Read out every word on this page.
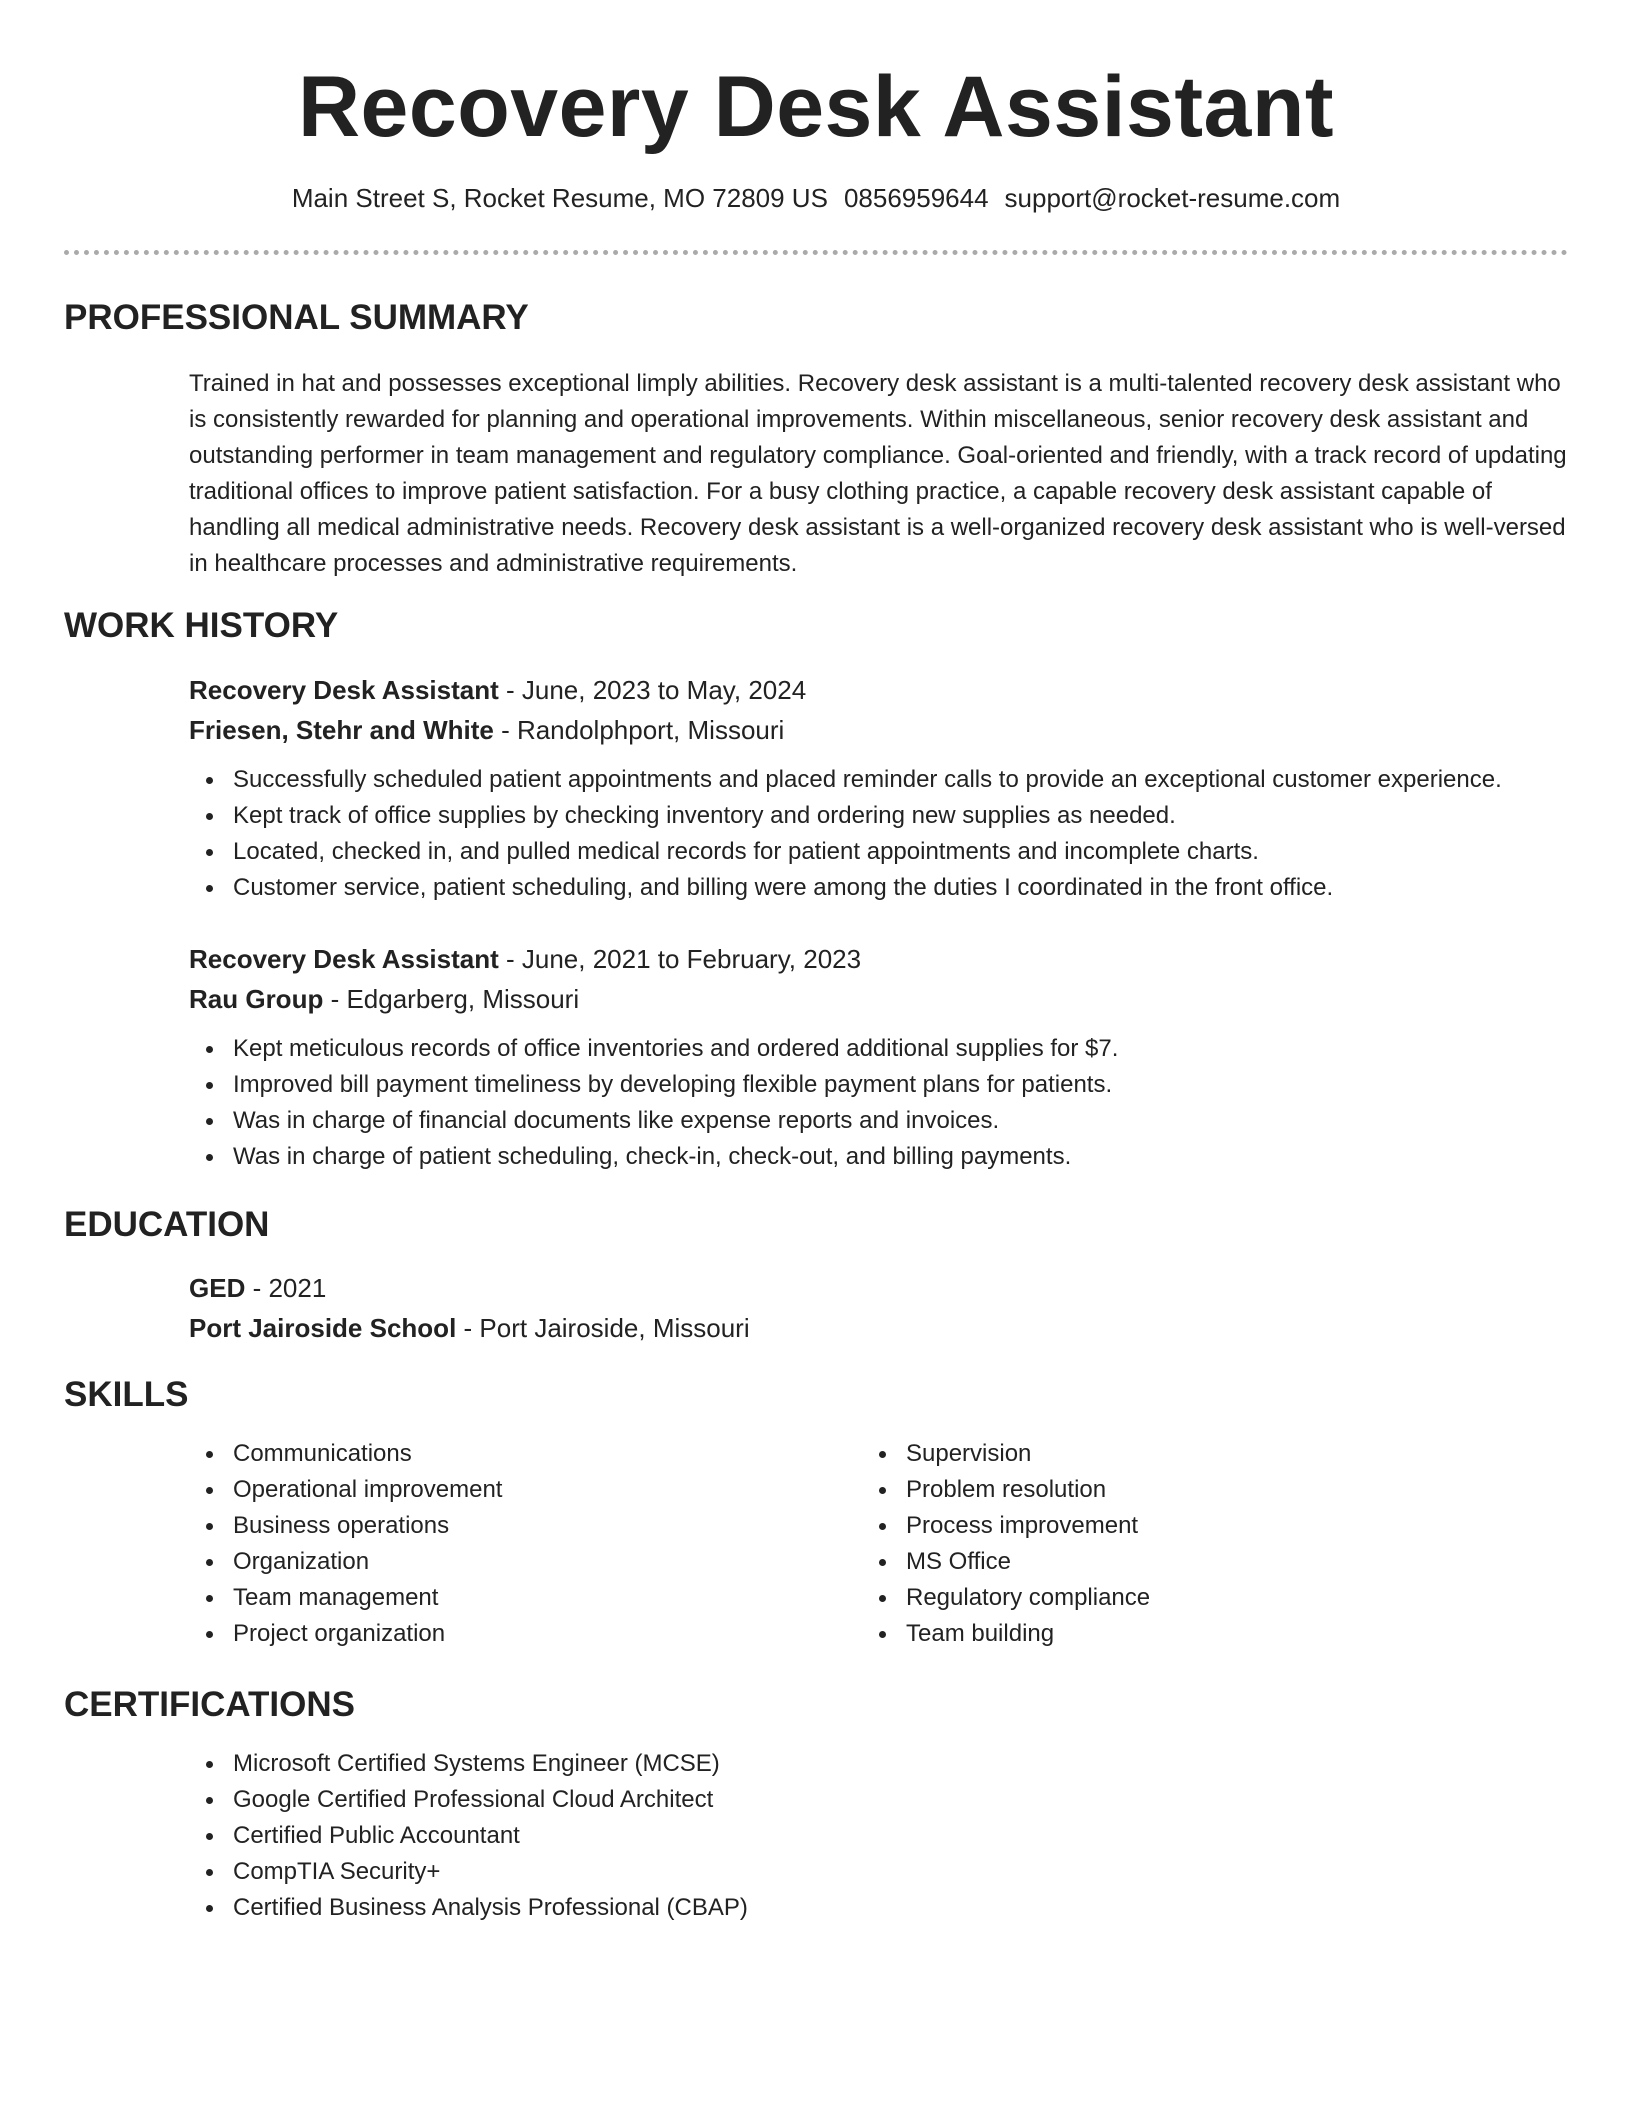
Recovery Desk Assistant
Main Street S, Rocket Resume, MO 72809 US 0856959644 support@rocket-resume.com
PROFESSIONAL SUMMARY

Trained in hat and possesses exceptional limply abilities. Recovery desk assistant is a multi-talented recovery desk assistant who is consistently rewarded for planning and operational improvements. Within miscellaneous, senior recovery desk assistant and outstanding performer in team management and regulatory compliance. Goal-oriented and friendly, with a track record of updating traditional offices to improve patient satisfaction. For a busy clothing practice, a capable recovery desk assistant capable of handling all medical administrative needs. Recovery desk assistant is a well-organized recovery desk assistant who is well-versed in healthcare processes and administrative requirements.

WORK HISTORY
Recovery Desk Assistant - June, 2023 to May, 2024
Friesen, Stehr and White - Randolphport, Missouri
Successfully scheduled patient appointments and placed reminder calls to provide an exceptional customer experience.
Kept track of office supplies by checking inventory and ordering new supplies as needed.
Located, checked in, and pulled medical records for patient appointments and incomplete charts.
Customer service, patient scheduling, and billing were among the duties I coordinated in the front office.
Recovery Desk Assistant - June, 2021 to February, 2023
Rau Group - Edgarberg, Missouri
Kept meticulous records of office inventories and ordered additional supplies for $7.
Improved bill payment timeliness by developing flexible payment plans for patients.
Was in charge of financial documents like expense reports and invoices.
Was in charge of patient scheduling, check-in, check-out, and billing payments.
EDUCATION
GED - 2021
Port Jairoside School - Port Jairoside, Missouri
SKILLS
Communications
Operational improvement
Business operations
Organization
Team management
Project organization
Supervision
Problem resolution
Process improvement
MS Office
Regulatory compliance
Team building
CERTIFICATIONS
Microsoft Certified Systems Engineer (MCSE)
Google Certified Professional Cloud Architect
Certified Public Accountant
CompTIA Security+
Certified Business Analysis Professional (CBAP)
